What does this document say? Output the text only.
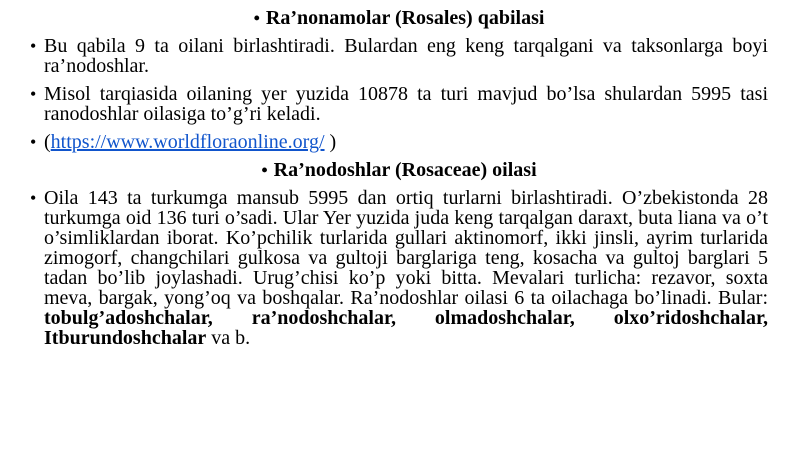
• Ra’nonamolar (Rosales) qabilasi

• Bu qabila 9 ta oilani birlashtiradi. Bulardan eng keng tarqalgani va taksonlarga boyi ra’nodoshlar.

• Misol tarqiasida oilaning yer yuzida 10878 ta turi mavjud bo’lsa shulardan 5995 tasi ranodoshlar oilasiga to’g’ri keladi.

• (https://www.worldfloraonline.org/ )

• Ra’nodoshlar (Rosaceae) oilasi

• Oila 143 ta turkumga mansub 5995 dan ortiq turlarni birlashtiradi. O’zbekistonda 28 turkumga oid 136 turi o’sadi. Ular Yer yuzida juda keng tarqalgan daraxt, buta liana va o’t o’simliklardan iborat. Ko’pchilik turlarida gullari aktinomorf, ikki jinsli, ayrim turlarida zimogorf, changchilari gulkosa va gultoji barglariga teng, kosacha va gultoj barglari 5 tadan bo’lib joylashadi. Urug’chisi ko’p yoki bitta. Mevalari turlicha: rezavor, soxta meva, bargak, yong’oq va boshqalar. Ra’nodoshlar oilasi 6 ta oilachaga bo’linadi. Bular: tobulg’adoshchalar, ra’nodoshchalar, olmadoshchalar, olxo’ridoshchalar, Itburundoshchalar va b.
